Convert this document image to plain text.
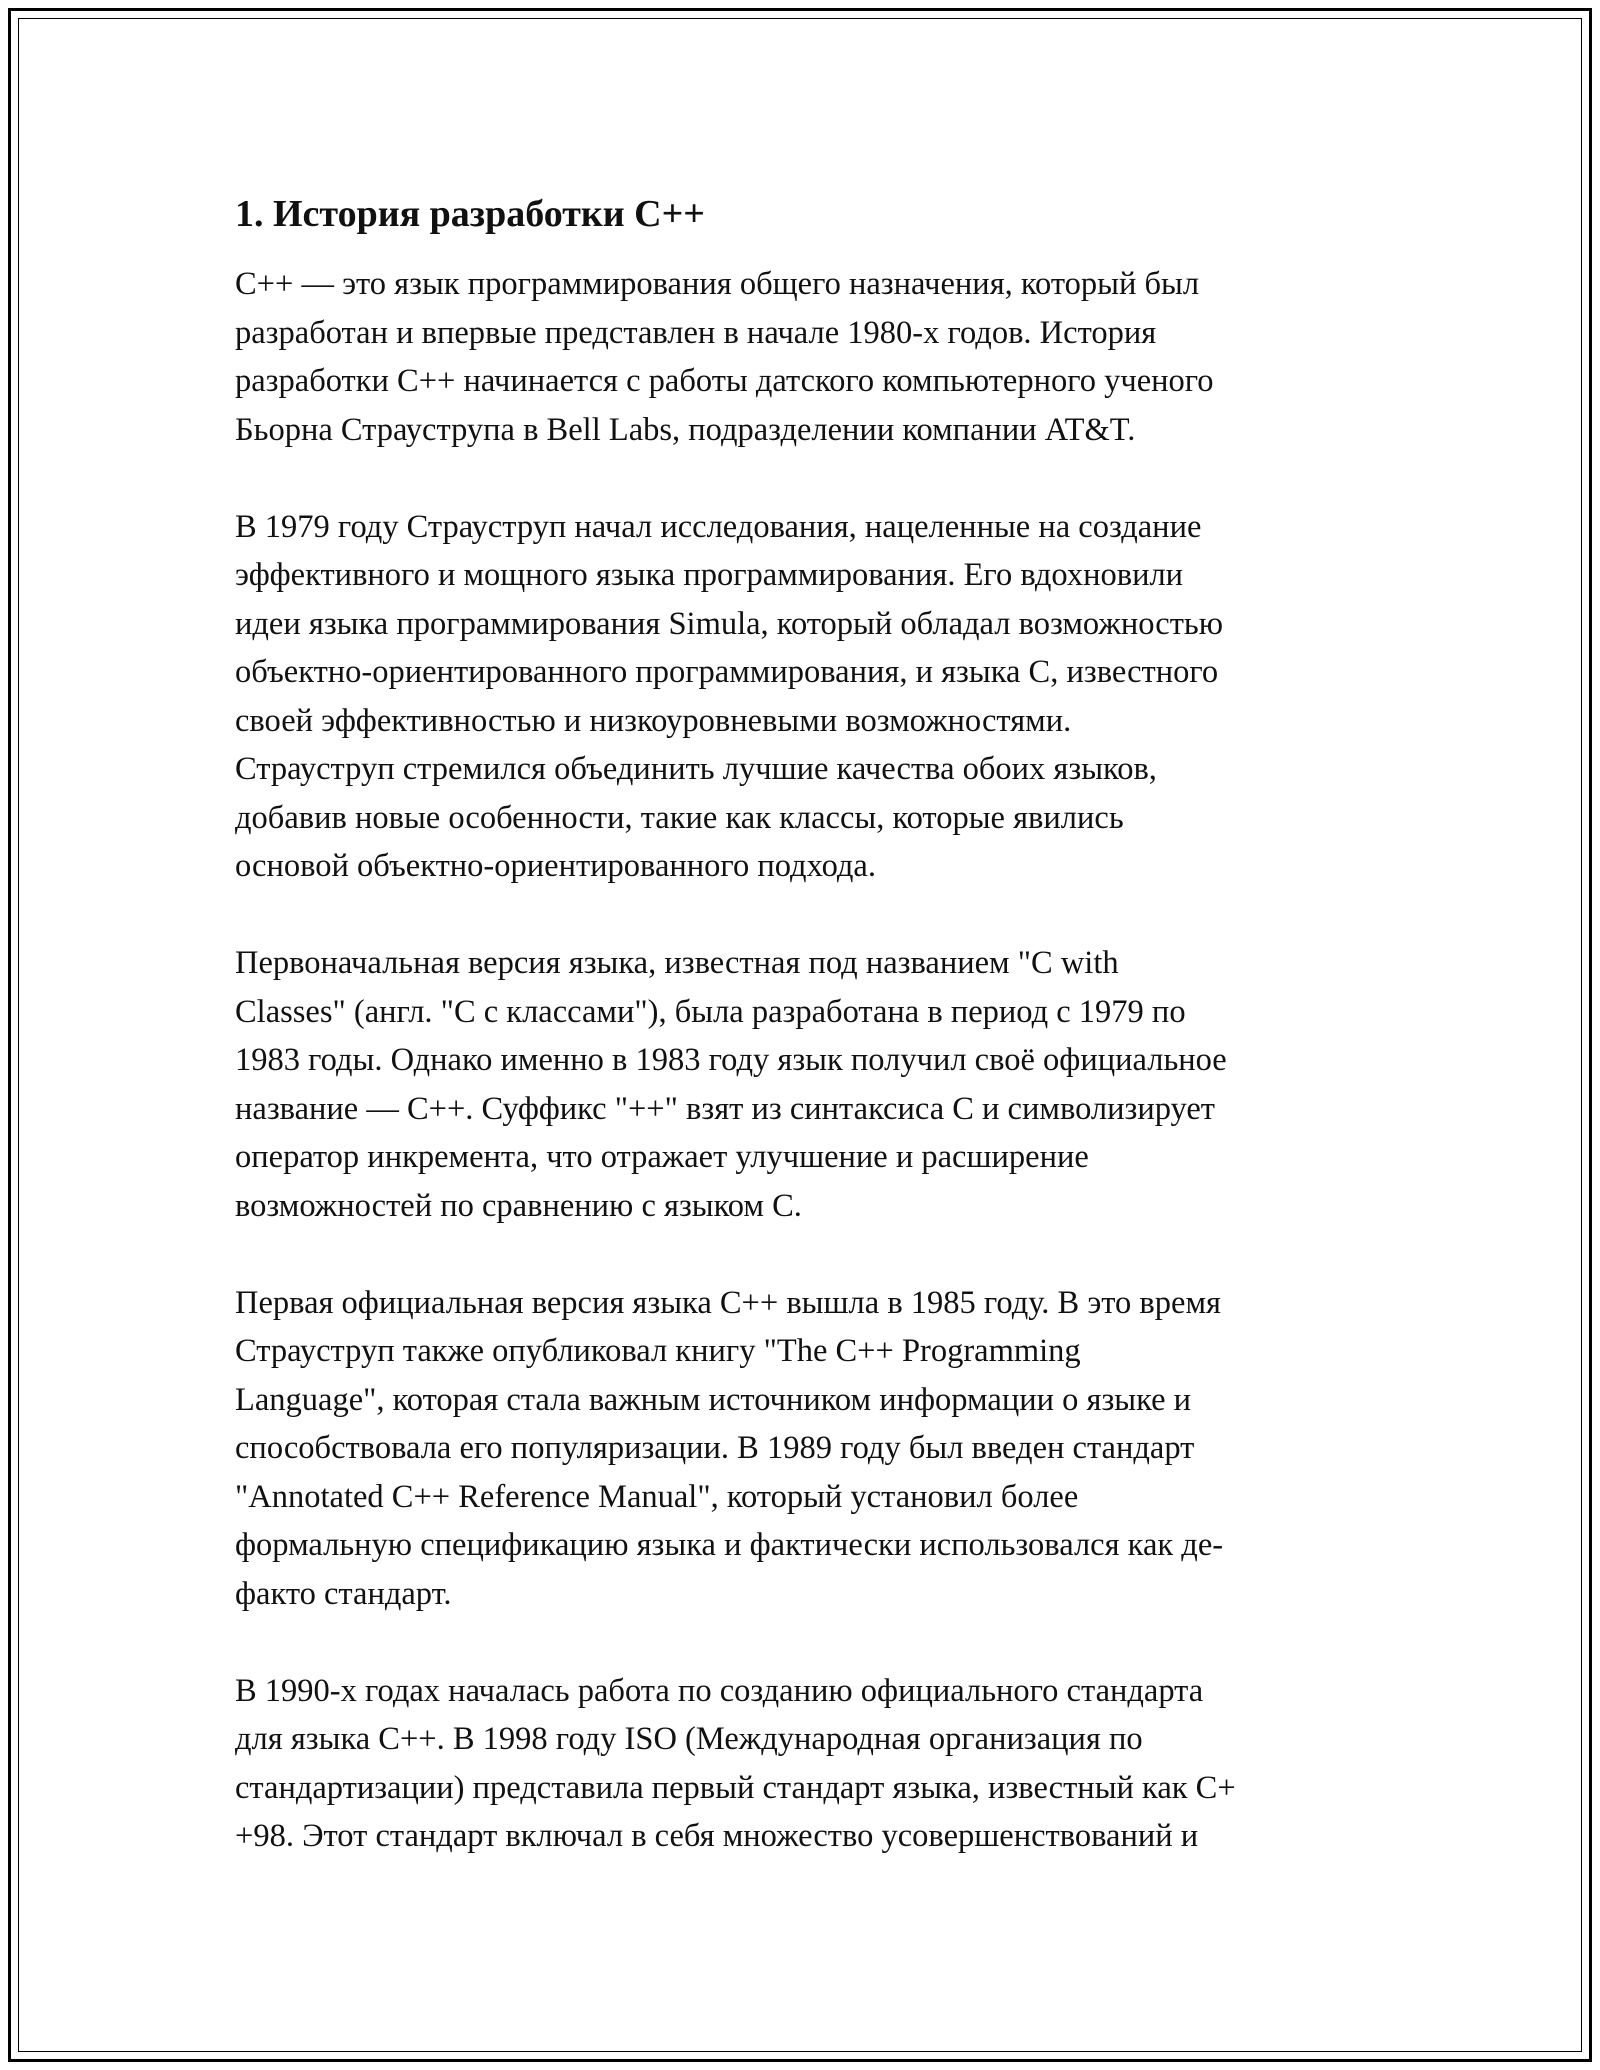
1. История разработки C++

C++ — это язык программирования общего назначения, который был
разработан и впервые представлен в начале 1980-х годов. История
разработки C++ начинается с работы датского компьютерного ученого
Бьорна Страуструпа в Bell Labs, подразделении компании AT&T.

В 1979 году Страуструп начал исследования, нацеленные на создание
эффективного и мощного языка программирования. Его вдохновили
идеи языка программирования Simula, который обладал возможностью
объектно-ориентированного программирования, и языка C, известного
своей эффективностью и низкоуровневыми возможностями.
Страуструп стремился объединить лучшие качества обоих языков,
добавив новые особенности, такие как классы, которые явились
основой объектно-ориентированного подхода.

Первоначальная версия языка, известная под названием "C with
Classes" (англ. "C с классами"), была разработана в период с 1979 по
1983 годы. Однако именно в 1983 году язык получил своё официальное
название — C++. Суффикс "++" взят из синтаксиса C и символизирует
оператор инкремента, что отражает улучшение и расширение
возможностей по сравнению с языком C.

Первая официальная версия языка C++ вышла в 1985 году. В это время
Страуструп также опубликовал книгу "The C++ Programming
Language", которая стала важным источником информации о языке и
способствовала его популяризации. В 1989 году был введен стандарт
"Annotated C++ Reference Manual", который установил более
формальную спецификацию языка и фактически использовался как де-
факто стандарт.

В 1990-х годах началась работа по созданию официального стандарта
для языка C++. В 1998 году ISO (Международная организация по
стандартизации) представила первый стандарт языка, известный как C+
+98. Этот стандарт включал в себя множество усовершенствований и
